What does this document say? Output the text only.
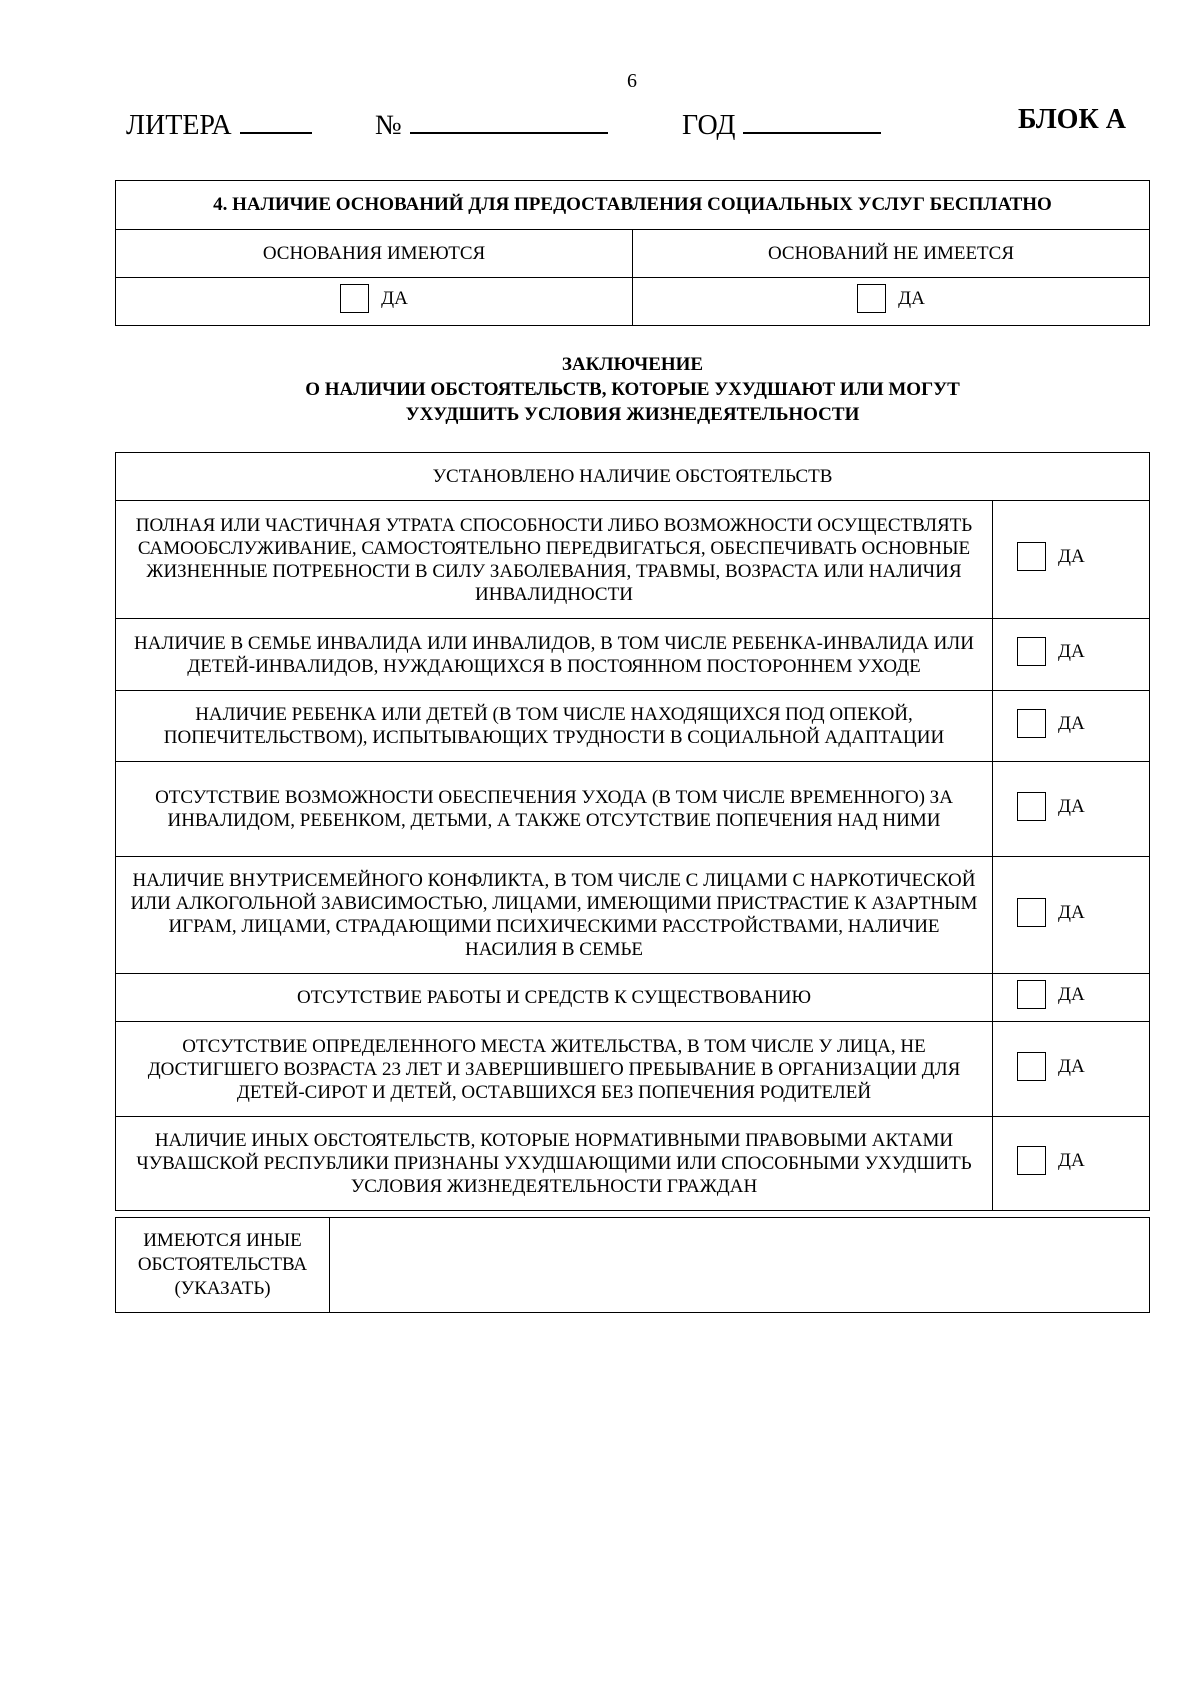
6
ЛИТЕРА	№	ГОД	БЛОК А
4. НАЛИЧИЕ ОСНОВАНИЙ ДЛЯ ПРЕДОСТАВЛЕНИЯ СОЦИАЛЬНЫХ УСЛУГ БЕСПЛАТНО	
ОСНОВАНИЯ ИМЕЮТСЯ	ОСНОВАНИЙ НЕ ИМЕЕТСЯ

ДА	ДА
ЗАКЛЮЧЕНИЕ
О НАЛИЧИИ ОБСТОЯТЕЛЬСТВ, КОТОРЫЕ УХУДШАЮТ ИЛИ МОГУТ
УХУДШИТЬ УСЛОВИЯ ЖИЗНЕДЕЯТЕЛЬНОСТИ
УСТАНОВЛЕНО НАЛИЧИЕ ОБСТОЯТЕЛЬСТВ	
ПОЛНАЯ ИЛИ ЧАСТИЧНАЯ УТРАТА СПОСОБНОСТИ ЛИБО ВОЗМОЖНОСТИ ОСУЩЕСТВЛЯТЬ САМООБСЛУЖИВАНИЕ, САМОСТОЯТЕЛЬНО ПЕРЕДВИГАТЬСЯ, ОБЕСПЕЧИВАТЬ ОСНОВНЫЕ ЖИЗНЕННЫЕ ПОТРЕБНОСТИ В СИЛУ ЗАБОЛЕВАНИЯ, ТРАВМЫ, ВОЗРАСТА ИЛИ НАЛИЧИЯ ИНВАЛИДНОСТИ	ДА

НАЛИЧИЕ В СЕМЬЕ ИНВАЛИДА ИЛИ ИНВАЛИДОВ, В ТОМ ЧИСЛЕ РЕБЕНКА-ИНВАЛИДА ИЛИ ДЕТЕЙ-ИНВАЛИДОВ, НУЖДАЮЩИХСЯ В ПОСТОЯННОМ ПОСТОРОННЕМ УХОДЕ	ДА

НАЛИЧИЕ РЕБЕНКА ИЛИ ДЕТЕЙ (В ТОМ ЧИСЛЕ НАХОДЯЩИХСЯ ПОД ОПЕКОЙ, ПОПЕЧИТЕЛЬСТВОМ), ИСПЫТЫВАЮЩИХ ТРУДНОСТИ В СОЦИАЛЬНОЙ АДАПТАЦИИ	ДА

ОТСУТСТВИЕ ВОЗМОЖНОСТИ ОБЕСПЕЧЕНИЯ УХОДА (В ТОМ ЧИСЛЕ ВРЕМЕННОГО) ЗА ИНВАЛИДОМ, РЕБЕНКОМ, ДЕТЬМИ, А ТАКЖЕ ОТСУТСТВИЕ ПОПЕЧЕНИЯ НАД НИМИ	ДА

НАЛИЧИЕ ВНУТРИСЕМЕЙНОГО КОНФЛИКТА, В ТОМ ЧИСЛЕ С ЛИЦАМИ С НАРКОТИЧЕСКОЙ ИЛИ АЛКОГОЛЬНОЙ ЗАВИСИМОСТЬЮ, ЛИЦАМИ, ИМЕЮЩИМИ ПРИСТРАСТИЕ К АЗАРТНЫМ ИГРАМ, ЛИЦАМИ, СТРАДАЮЩИМИ ПСИХИЧЕСКИМИ РАССТРОЙСТВАМИ, НАЛИЧИЕ НАСИЛИЯ В СЕМЬЕ	ДА

ОТСУТСТВИЕ РАБОТЫ И СРЕДСТВ К СУЩЕСТВОВАНИЮ	ДА

ОТСУТСТВИЕ ОПРЕДЕЛЕННОГО МЕСТА ЖИТЕЛЬСТВА, В ТОМ ЧИСЛЕ У ЛИЦА, НЕ ДОСТИГШЕГО ВОЗРАСТА 23 ЛЕТ И ЗАВЕРШИВШЕГО ПРЕБЫВАНИЕ В ОРГАНИЗАЦИИ ДЛЯ ДЕТЕЙ-СИРОТ И ДЕТЕЙ, ОСТАВШИХСЯ БЕЗ ПОПЕЧЕНИЯ РОДИТЕЛЕЙ	ДА

НАЛИЧИЕ ИНЫХ ОБСТОЯТЕЛЬСТВ, КОТОРЫЕ НОРМАТИВНЫМИ ПРАВОВЫМИ АКТАМИ ЧУВАШСКОЙ РЕСПУБЛИКИ ПРИЗНАНЫ УХУДШАЮЩИМИ ИЛИ СПОСОБНЫМИ УХУДШИТЬ УСЛОВИЯ ЖИЗНЕДЕЯТЕЛЬНОСТИ ГРАЖДАН	ДА
ИМЕЮТСЯ ИНЫЕ
ОБСТОЯТЕЛЬСТВА
(УКАЗАТЬ)
